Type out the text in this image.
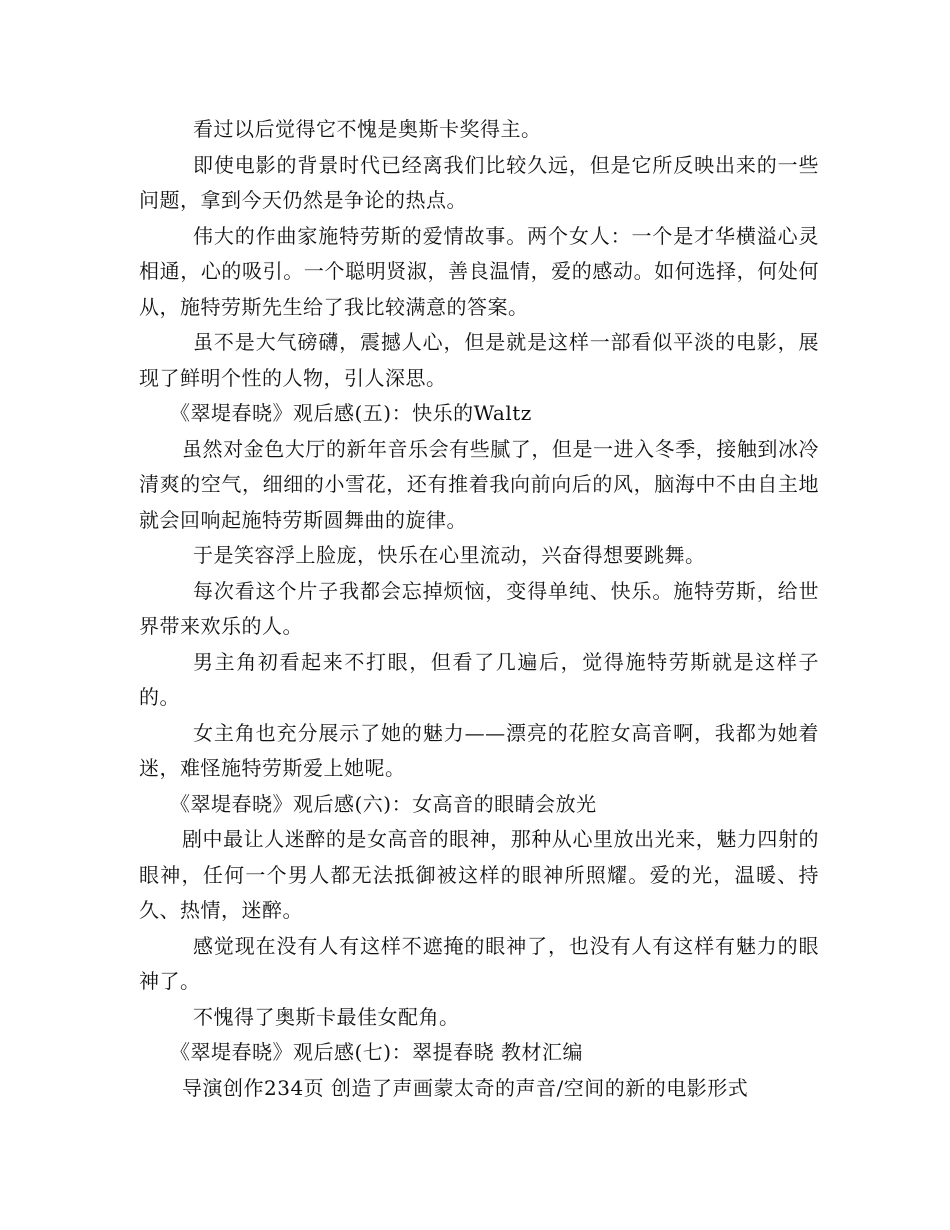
看过以后觉得它不愧是奥斯卡奖得主。

即使电影的背景时代已经离我们比较久远，但是它所反映出来的一些问题，拿到今天仍然是争论的热点。

伟大的作曲家施特劳斯的爱情故事。两个女人：一个是才华横溢心灵相通，心的吸引。一个聪明贤淑，善良温情，爱的感动。如何选择，何处何从，施特劳斯先生给了我比较满意的答案。

虽不是大气磅礴，震撼人心，但是就是这样一部看似平淡的电影，展现了鲜明个性的人物，引人深思。

《翠堤春晓》观后感(五)：快乐的Waltz

虽然对金色大厅的新年音乐会有些腻了，但是一进入冬季，接触到冰冷清爽的空气，细细的小雪花，还有推着我向前向后的风，脑海中不由自主地就会回响起施特劳斯圆舞曲的旋律。

于是笑容浮上脸庞，快乐在心里流动，兴奋得想要跳舞。

每次看这个片子我都会忘掉烦恼，变得单纯、快乐。施特劳斯，给世界带来欢乐的人。

男主角初看起来不打眼，但看了几遍后，觉得施特劳斯就是这样子的。

女主角也充分展示了她的魅力——漂亮的花腔女高音啊，我都为她着迷，难怪施特劳斯爱上她呢。

《翠堤春晓》观后感(六)：女高音的眼睛会放光

剧中最让人迷醉的是女高音的眼神，那种从心里放出光来，魅力四射的眼神，任何一个男人都无法抵御被这样的眼神所照耀。爱的光，温暖、持久、热情，迷醉。

感觉现在没有人有这样不遮掩的眼神了，也没有人有这样有魅力的眼神了。

不愧得了奥斯卡最佳女配角。

《翠堤春晓》观后感(七)：翠提春晓 教材汇编

导演创作234页 创造了声画蒙太奇的声音/空间的新的电影形式
